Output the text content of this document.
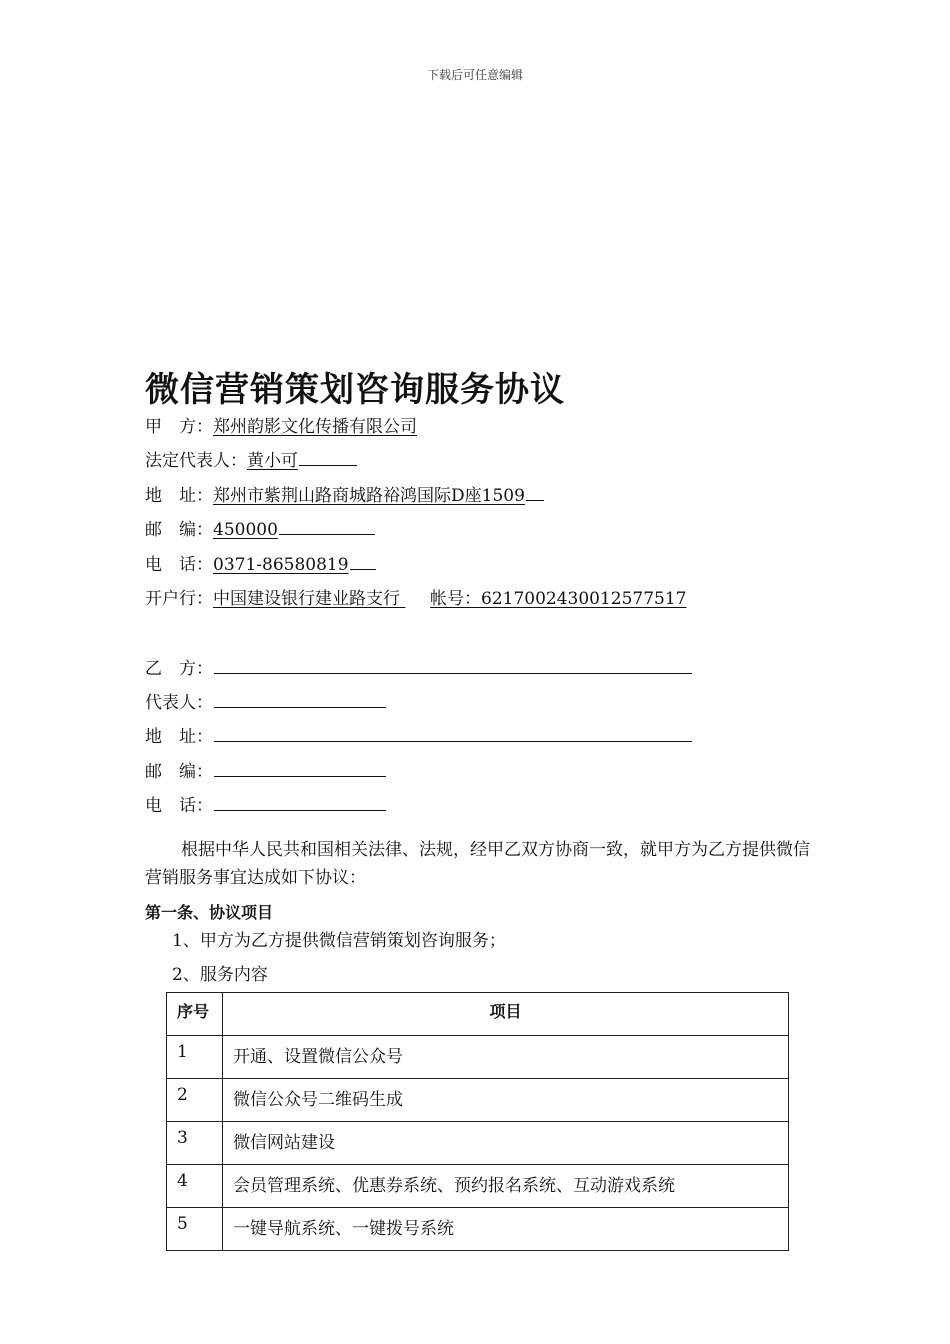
下载后可任意编辑
微信营销策划咨询服务协议
甲　方：郑州韵影文化传播有限公司
法定代表人：黄小可
地　址：郑州市紫荆山路商城路裕鸿国际D座1509
邮　编：450000
电　话：0371-86580819
开户行：中国建设银行建业路支行 帐号：6217002430012577517
乙　方：
代表人：
地　址：
邮　编：
电　话：
根据中华人民共和国相关法律、法规，经甲乙双方协商一致，就甲方为乙方提供微信营销服务事宜达成如下协议：
第一条、协议项目
1、甲方为乙方提供微信营销策划咨询服务；
2、服务内容
序号	项目
1	开通、设置微信公众号
2	微信公众号二维码生成
3	微信网站建设
4	会员管理系统、优惠券系统、预约报名系统、互动游戏系统
5	一键导航系统、一键拨号系统
